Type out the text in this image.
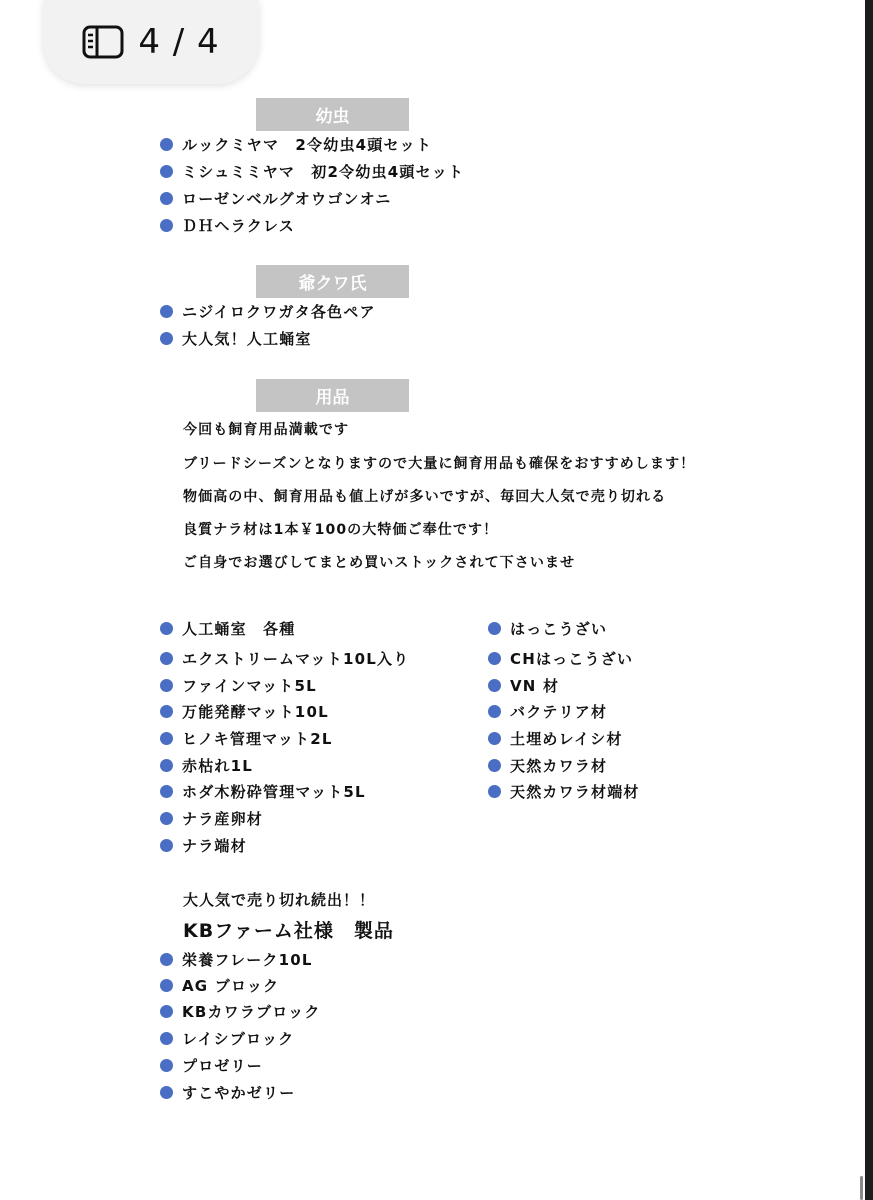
4 / 4
幼虫
ルックミヤマ　2令幼虫4頭セット
ミシュミミヤマ　初2令幼虫4頭セット
ローゼンベルグオウゴンオニ
ＤＨヘラクレス
爺クワ氏
ニジイロクワガタ各色ペア
大人気！人工蛹室
用品
今回も飼育用品満載です
ブリードシーズンとなりますので大量に飼育用品も確保をおすすめします！
物価高の中、飼育用品も値上げが多いですが、毎回大人気で売り切れる
良質ナラ材は1本￥100の大特価ご奉仕です！
ご自身でお選びしてまとめ買いストックされて下さいませ
人工蛹室　各種
エクストリームマット10L入り
ファインマット5L
万能発酵マット10L
ヒノキ管理マット2L
赤枯れ1L
ホダ木粉砕管理マット5L
ナラ産卵材
ナラ端材
はっこうざい
CHはっこうざい
VN 材
バクテリア材
土埋めレイシ材
天然カワラ材
天然カワラ材端材
大人気で売り切れ続出！！
KBファーム社様　製品
栄養フレーク10L
AG ブロック
KBカワラブロック
レイシブロック
プロゼリー
すこやかゼリー
